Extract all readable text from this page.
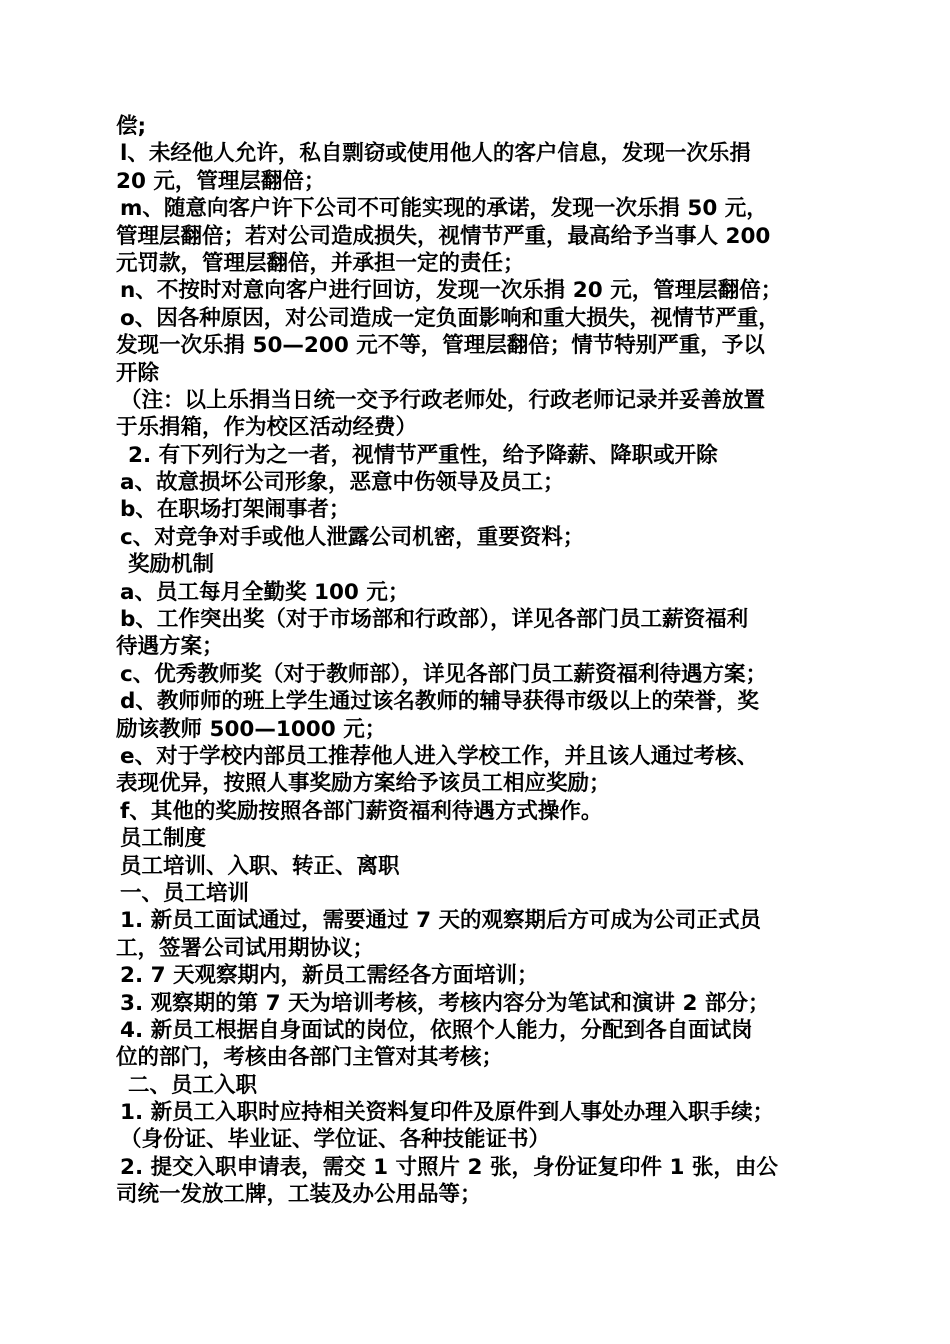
偿;
l、未经他人允许，私自剽窃或使用他人的客户信息，发现一次乐捐
20 元，管理层翻倍；
m、随意向客户许下公司不可能实现的承诺，发现一次乐捐 50 元，
管理层翻倍；若对公司造成损失，视情节严重，最高给予当事人 200
元罚款，管理层翻倍，并承担一定的责任；
n、不按时对意向客户进行回访，发现一次乐捐 20 元，管理层翻倍；
o、因各种原因，对公司造成一定负面影响和重大损失，视情节严重，
发现一次乐捐 50—200 元不等，管理层翻倍；情节特别严重，予以
开除
（注：以上乐捐当日统一交予行政老师处，行政老师记录并妥善放置
于乐捐箱，作为校区活动经费）
2. 有下列行为之一者，视情节严重性，给予降薪、降职或开除
a、故意损坏公司形象，恶意中伤领导及员工；
b、在职场打架闹事者；
c、对竞争对手或他人泄露公司机密，重要资料；
奖励机制
a、员工每月全勤奖 100 元；
b、工作突出奖（对于市场部和行政部），详见各部门员工薪资福利
待遇方案；
c、优秀教师奖（对于教师部），详见各部门员工薪资福利待遇方案；
d、教师师的班上学生通过该名教师的辅导获得市级以上的荣誉，奖
励该教师 500—1000 元；
e、对于学校内部员工推荐他人进入学校工作，并且该人通过考核、
表现优异，按照人事奖励方案给予该员工相应奖励；
f、其他的奖励按照各部门薪资福利待遇方式操作。
员工制度
员工培训、入职、转正、离职
一、员工培训
1. 新员工面试通过，需要通过 7 天的观察期后方可成为公司正式员
工，签署公司试用期协议；
2. 7 天观察期内，新员工需经各方面培训；
3. 观察期的第 7 天为培训考核，考核内容分为笔试和演讲 2 部分；
4. 新员工根据自身面试的岗位，依照个人能力，分配到各自面试岗
位的部门，考核由各部门主管对其考核；
二、员工入职
1. 新员工入职时应持相关资料复印件及原件到人事处办理入职手续；
（身份证、毕业证、学位证、各种技能证书）
2. 提交入职申请表，需交 1 寸照片 2 张，身份证复印件 1 张，由公
司统一发放工牌，工装及办公用品等；
